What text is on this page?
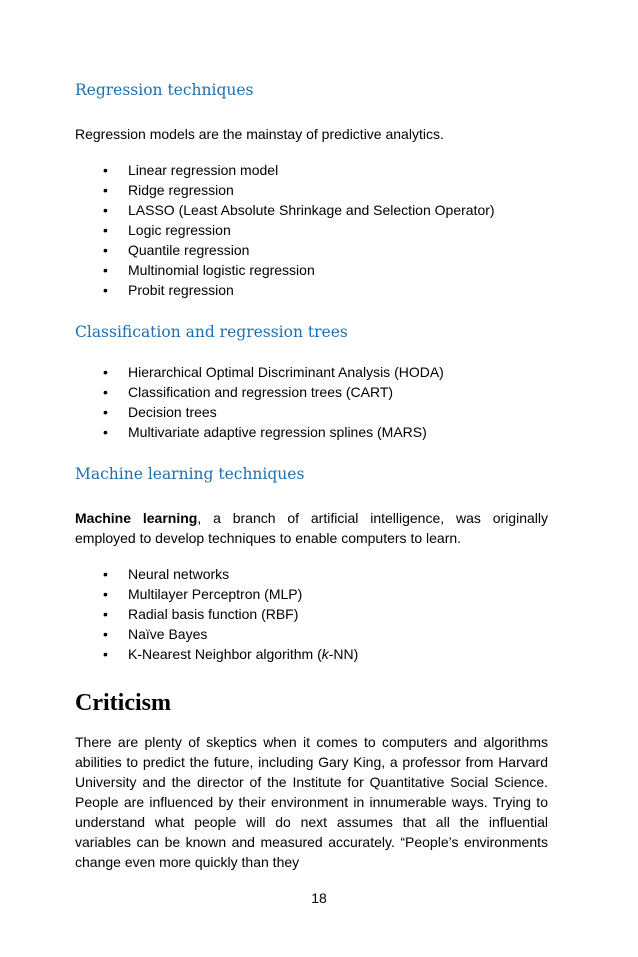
Regression techniques

Regression models are the mainstay of predictive analytics.

• Linear regression model
• Ridge regression
• LASSO (Least Absolute Shrinkage and Selection Operator)
• Logic regression
• Quantile regression
• Multinomial logistic regression
• Probit regression
Classification and regression trees
• Hierarchical Optimal Discriminant Analysis (HODA)
• Classification and regression trees (CART)
• Decision trees
• Multivariate adaptive regression splines (MARS)
Machine learning techniques

Machine learning, a branch of artificial intelligence, was originally employed to develop techniques to enable computers to learn.

• Neural networks
• Multilayer Perceptron (MLP)
• Radial basis function (RBF)
• Naïve Bayes
• K-Nearest Neighbor algorithm (k-NN)
Criticism

There are plenty of skeptics when it comes to computers and algorithms abilities to predict the future, including Gary King, a professor from Harvard University and the director of the Institute for Quantitative Social Science. People are influenced by their environment in innumerable ways. Trying to understand what people will do next assumes that all the influential variables can be known and measured accurately. “People’s environments change even more quickly than they

18
